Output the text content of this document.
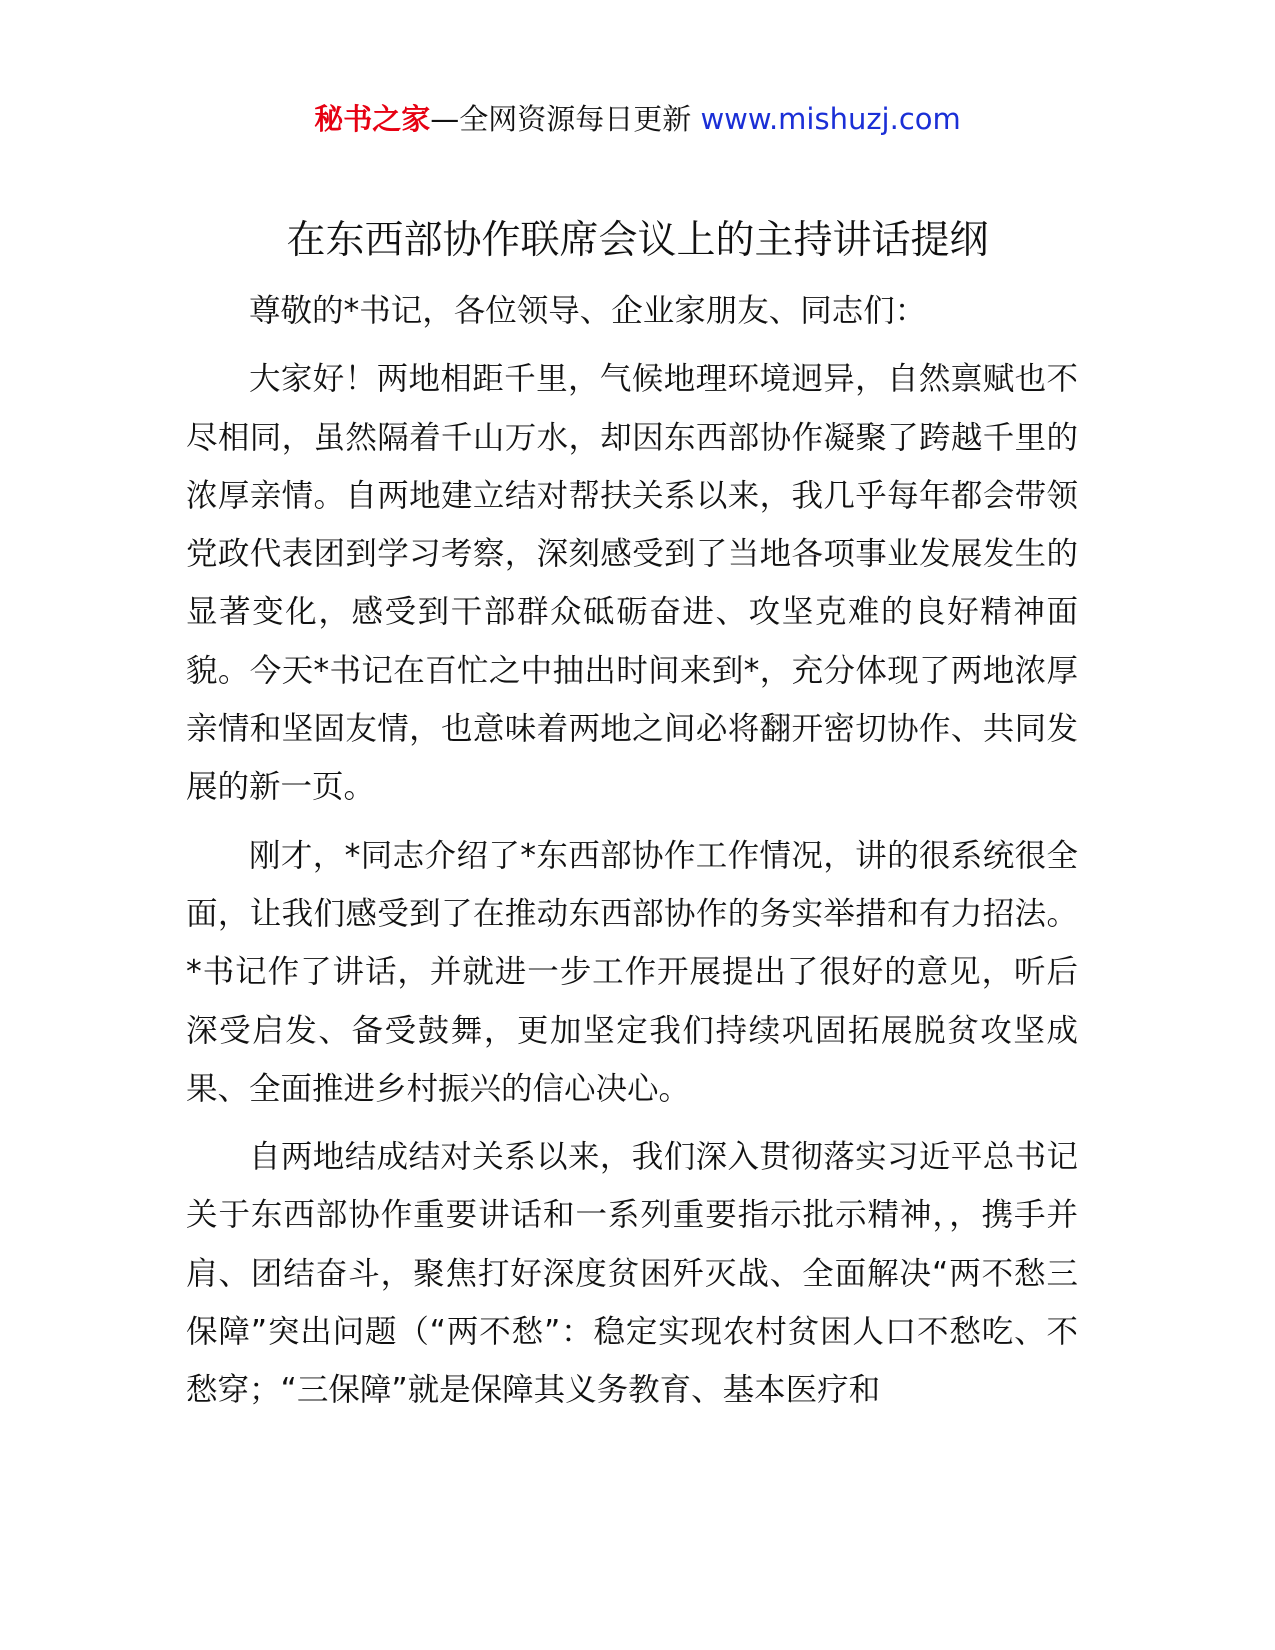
秘书之家—全网资源每日更新 www.mishuzj.com
在东西部协作联席会议上的主持讲话提纲

尊敬的*书记，各位领导、企业家朋友、同志们：

大家好！两地相距千里，气候地理环境迥异，自然禀赋也不尽相同，虽然隔着千山万水，却因东西部协作凝聚了跨越千里的浓厚亲情。自两地建立结对帮扶关系以来，我几乎每年都会带领党政代表团到学习考察，深刻感受到了当地各项事业发展发生的显著变化，感受到干部群众砥砺奋进、攻坚克难的良好精神面貌。今天*书记在百忙之中抽出时间来到*，充分体现了两地浓厚亲情和坚固友情，也意味着两地之间必将翻开密切协作、共同发展的新一页。

刚才，*同志介绍了*东西部协作工作情况，讲的很系统很全面，让我们感受到了在推动东西部协作的务实举措和有力招法。*书记作了讲话，并就进一步工作开展提出了很好的意见，听后深受启发、备受鼓舞，更加坚定我们持续巩固拓展脱贫攻坚成果、全面推进乡村振兴的信心决心。

自两地结成结对关系以来，我们深入贯彻落实习近平总书记关于东西部协作重要讲话和一系列重要指示批示精神，，携手并肩、团结奋斗，聚焦打好深度贫困歼灭战、全面解决“两不愁三保障”突出问题（“两不愁”：稳定实现农村贫困人口不愁吃、不愁穿；“三保障”就是保障其义务教育、基本医疗和
